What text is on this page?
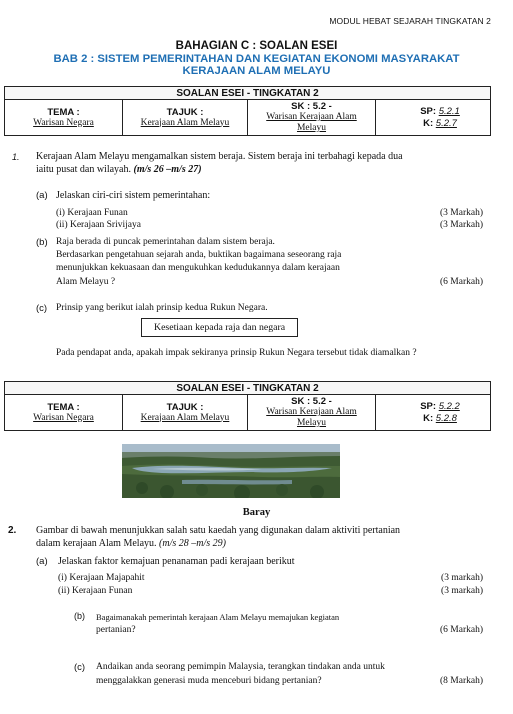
MODUL HEBAT SEJARAH TINGKATAN 2
BAHAGIAN C : SOALAN ESEI
BAB 2 : SISTEM PEMERINTAHAN DAN KEGIATAN EKONOMI MASYARAKAT
KERAJAAN ALAM MELAYU
SOALAN ESEI - TINGKATAN 2

TEMA :
Warisan Negara

TAJUK :
Kerajaan Alam Melayu

SK : 5.2 -
Warisan Kerajaan Alam Melayu

SP: 5.2.1
K: 5.2.7
1. Kerajaan Alam Melayu mengamalkan sistem beraja. Sistem beraja ini terbahagi kepada dua
iaitu pusat dan wilayah. (m/s 26 –m/s 27)
(a) Jelaskan ciri-ciri sistem pemerintahan:
(i) Kerajaan Funan	(3 Markah)
(ii) Kerajaan Srivijaya	(3 Markah)
(b) Raja berada di puncak pemerintahan dalam sistem beraja.
Berdasarkan pengetahuan sejarah anda, buktikan bagaimana seseorang raja
menunjukkan kekuasaan dan mengukuhkan kedudukannya dalam kerajaan
Alam Melayu ?	(6 Markah)
(c) Prinsip yang berikut ialah prinsip kedua Rukun Negara.
Kesetiaan kepada raja dan negara
Pada pendapat anda, apakah impak sekiranya prinsip Rukun Negara tersebut tidak diamalkan ?
SOALAN ESEI - TINGKATAN 2

TEMA :
Warisan Negara

TAJUK :
Kerajaan Alam Melayu

SK : 5.2 -
Warisan Kerajaan Alam Melayu

SP: 5.2.2
K: 5.2.8
Baray
2. Gambar di bawah menunjukkan salah satu kaedah yang digunakan dalam aktiviti pertanian
dalam kerajaan Alam Melayu. (m/s 28 –m/s 29)
(a) Jelaskan faktor kemajuan penanaman padi kerajaan berikut
(i) Kerajaan Majapahit	(3 markah)
(ii) Kerajaan Funan	(3 markah)
(b) Bagaimanakah pemerintah kerajaan Alam Melayu memajukan kegiatan
pertanian?	(6 Markah)
(c) Andaikan anda seorang pemimpin Malaysia, terangkan tindakan anda untuk
menggalakkan generasi muda menceburi bidang pertanian?	(8 Markah)
